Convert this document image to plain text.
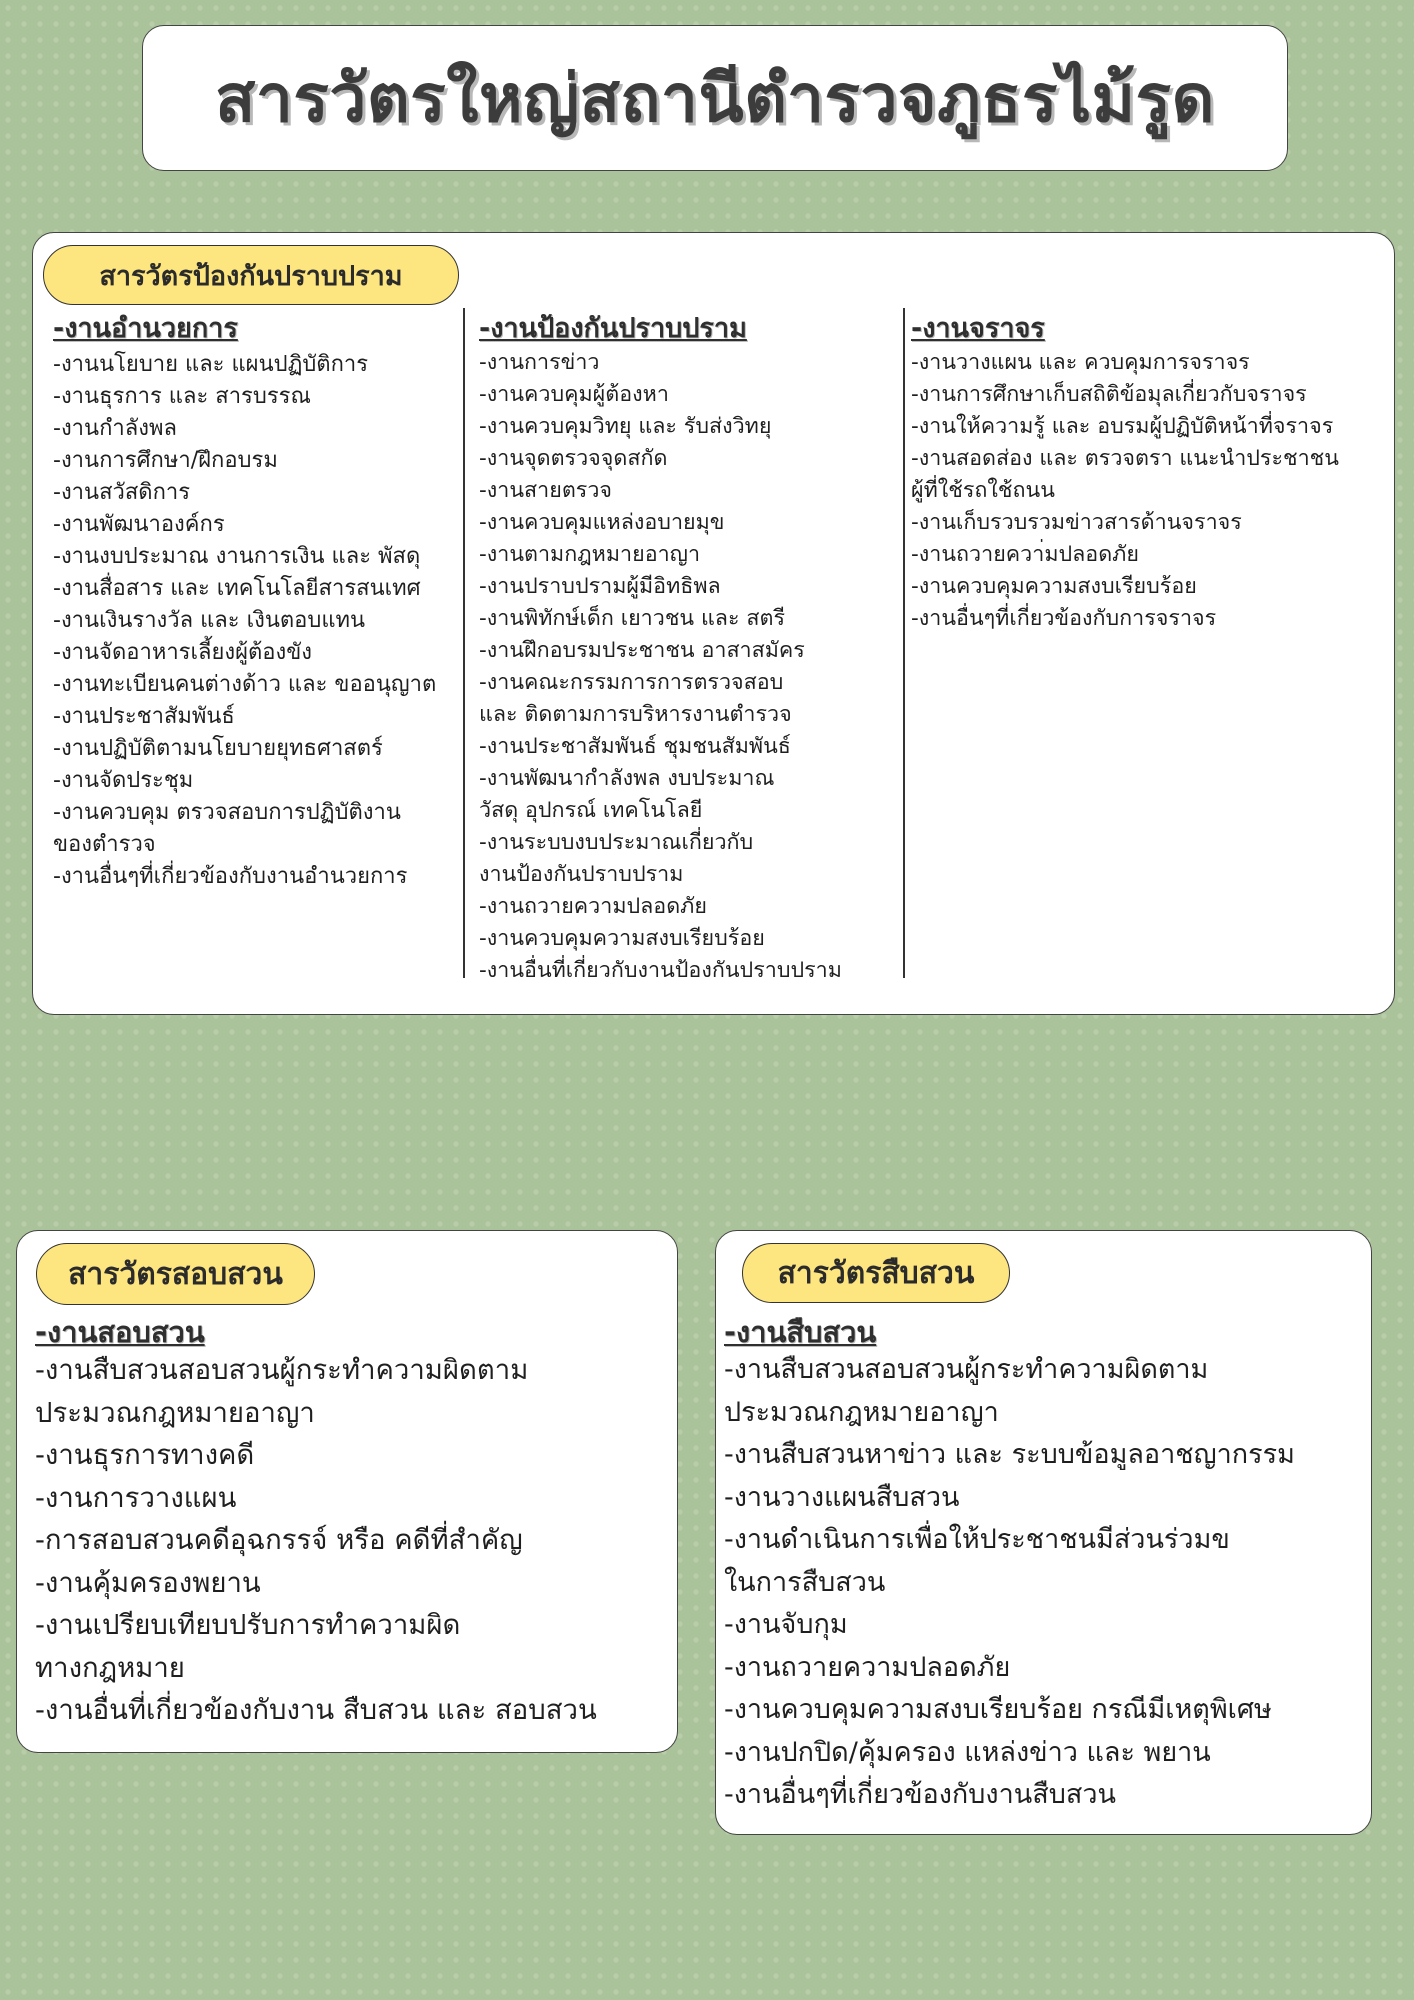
สารวัตรใหญ่สถานีตำรวจภูธรไม้รูด
สารวัตรป้องกันปราบปราม

-งานอำนวยการ

-งานนโยบาย และ แผนปฏิบัติการ
-งานธุรการ และ สารบรรณ
-งานกำลังพล
-งานการศึกษา/ฝึกอบรม
-งานสวัสดิการ
-งานพัฒนาองค์กร
-งานงบประมาณ งานการเงิน และ พัสดุ
-งานสื่อสาร และ เทคโนโลยีสารสนเทศ
-งานเงินรางวัล และ เงินตอบแทน
-งานจัดอาหารเลี้ยงผู้ต้องขัง
-งานทะเบียนคนต่างด้าว และ ขออนุญาต
-งานประชาสัมพันธ์
-งานปฏิบัติตามนโยบายยุทธศาสตร์
-งานจัดประชุม
-งานควบคุม ตรวจสอบการปฏิบัติงาน
ของตำรวจ
-งานอื่นๆที่เกี่ยวข้องกับงานอำนวยการ

-งานป้องกันปราบปราม

-งานการข่าว
-งานควบคุมผู้ต้องหา
-งานควบคุมวิทยุ และ รับส่งวิทยุ
-งานจุดตรวจจุดสกัด
-งานสายตรวจ
-งานควบคุมแหล่งอบายมุข
-งานตามกฎหมายอาญา
-งานปราบปรามผู้มีอิทธิพล
-งานพิทักษ์เด็ก เยาวชน และ สตรี
-งานฝึกอบรมประชาชน อาสาสมัคร
-งานคณะกรรมการการตรวจสอบ
และ ติดตามการบริหารงานตำรวจ
-งานประชาสัมพันธ์ ชุมชนสัมพันธ์
-งานพัฒนากำลังพล งบประมาณ
วัสดุ อุปกรณ์ เทคโนโลยี
-งานระบบงบประมาณเกี่ยวกับ
งานป้องกันปราบปราม
-งานถวายความปลอดภัย
-งานควบคุมความสงบเรียบร้อย
-งานอื่นที่เกี่ยวกับงานป้องกันปราบปราม

-งานจราจร

-งานวางแผน และ ควบคุมการจราจร
-งานการศึกษาเก็บสถิติข้อมุลเกี่ยวกับจราจร
-งานให้ความรู้ และ อบรมผู้ปฏิบัติหน้าที่จราจร
-งานสอดส่อง และ ตรวจตรา แนะนำประชาชน
ผู้ที่ใช้รถใช้ถนน
-งานเก็บรวบรวมข่าวสารด้านจราจร
-งานถวายควา่มปลอดภัย
-งานควบคุมความสงบเรียบร้อย
-งานอื่นๆที่เกี่ยวข้องกับการจราจร
สารวัตรสอบสวน

-งานสอบสวน

-งานสืบสวนสอบสวนผู้กระทำความผิดตาม
ประมวณกฎหมายอาญา
-งานธุรการทางคดี
-งานการวางแผน
-การสอบสวนคดีอุฉกรรจ์ หรือ คดีที่สำคัญ
-งานคุ้มครองพยาน
-งานเปรียบเทียบปรับการทำความผิด
ทางกฎหมาย
-งานอื่นที่เกี่ยวข้องกับงาน สืบสวน และ สอบสวน
สารวัตรสืบสวน

-งานสืบสวน

-งานสืบสวนสอบสวนผู้กระทำความผิดตาม
ประมวณกฎหมายอาญา
-งานสืบสวนหาข่าว และ ระบบข้อมูลอาชญากรรม
-งานวางแผนสืบสวน
-งานดำเนินการเพื่อให้ประชาชนมีส่วนร่วมข
ในการสืบสวน
-งานจับกุม
-งานถวายความปลอดภัย
-งานควบคุมความสงบเรียบร้อย กรณีมีเหตุพิเศษ
-งานปกปิด/คุ้มครอง แหล่งข่าว และ พยาน
-งานอื่นๆที่เกี่ยวข้องกับงานสืบสวน
